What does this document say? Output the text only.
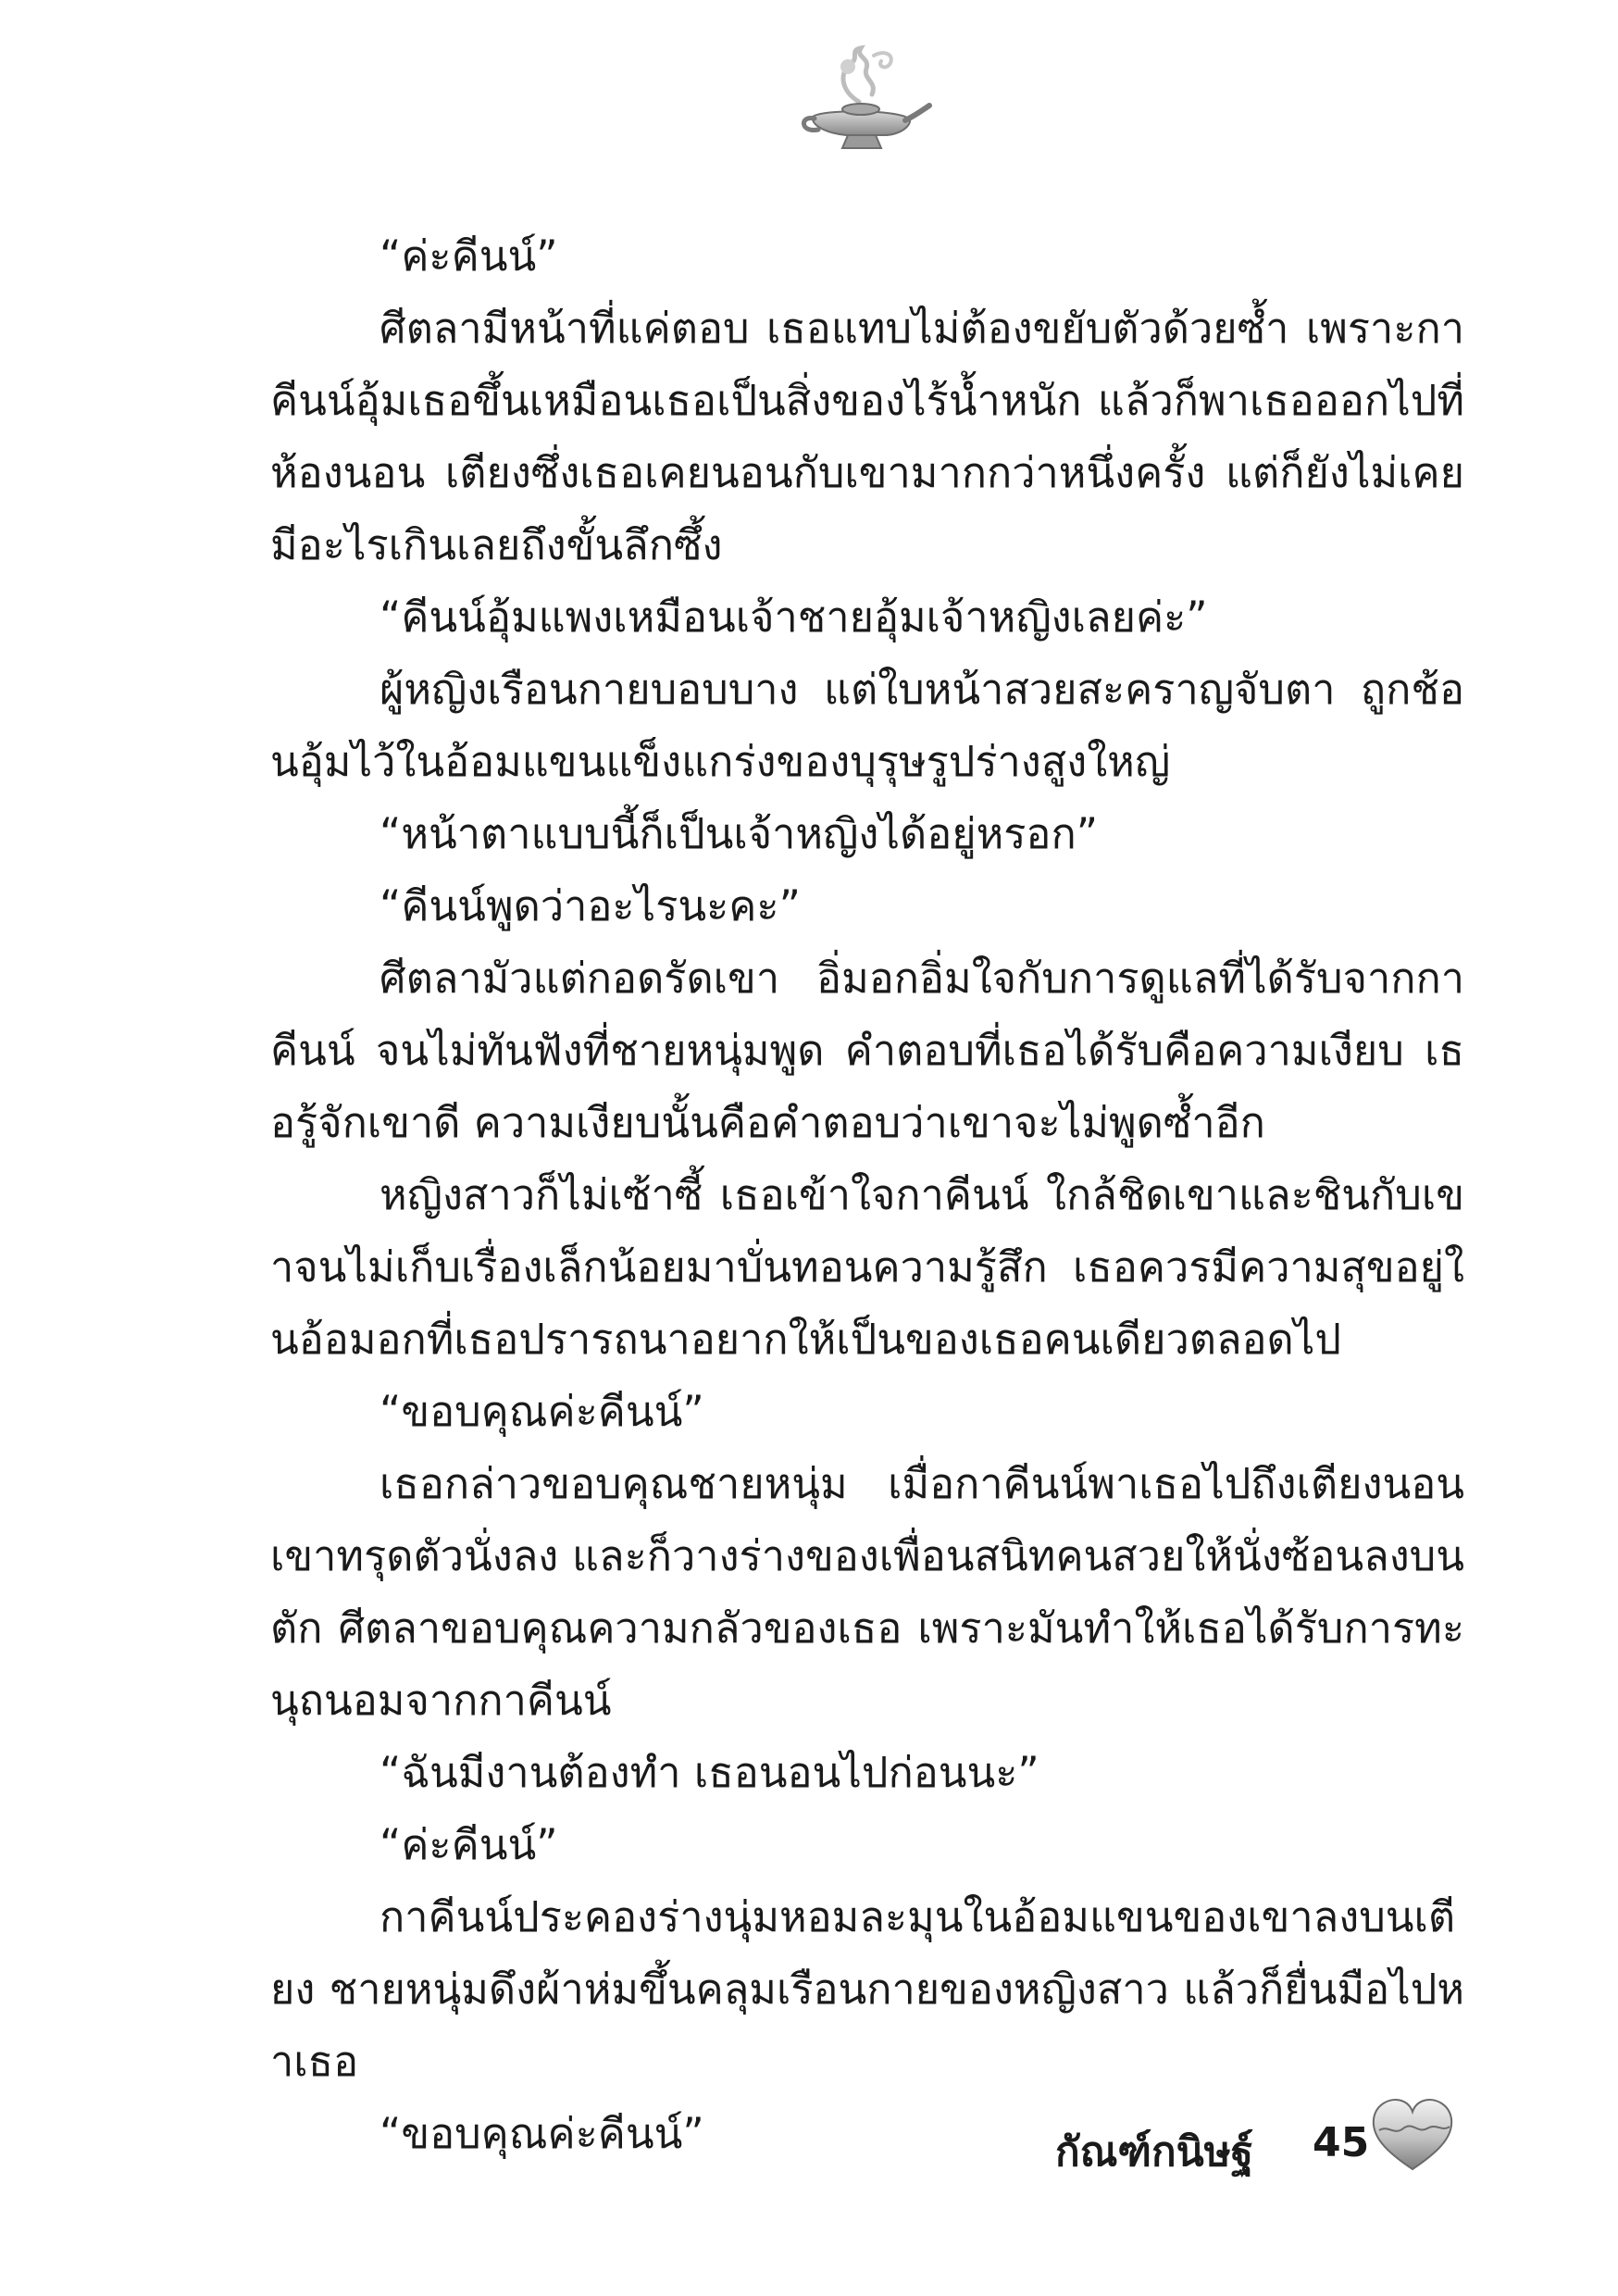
“ค่ะคีนน์”

ศีตลามีหน้าที่แค่ตอบ เธอแทบไม่ต้องขยับตัวด้วยซ้ำ เพราะกาคีนน์อุ้มเธอขึ้นเหมือนเธอเป็นสิ่งของไร้น้ำหนัก แล้วก็พาเธอออกไปที่ห้องนอน เตียงซึ่งเธอเคยนอนกับเขามากกว่าหนึ่งครั้ง แต่ก็ยังไม่เคยมีอะไรเกินเลยถึงขั้นลึกซึ้ง

“คีนน์อุ้มแพงเหมือนเจ้าชายอุ้มเจ้าหญิงเลยค่ะ”

ผู้หญิงเรือนกายบอบบาง แต่ใบหน้าสวยสะคราญจับตา ถูกช้อนอุ้มไว้ในอ้อมแขนแข็งแกร่งของบุรุษรูปร่างสูงใหญ่

“หน้าตาแบบนี้ก็เป็นเจ้าหญิงได้อยู่หรอก”

“คีนน์พูดว่าอะไรนะคะ”

ศีตลามัวแต่กอดรัดเขา อิ่มอกอิ่มใจกับการดูแลที่ได้รับจากกาคีนน์ จนไม่ทันฟังที่ชายหนุ่มพูด คำตอบที่เธอได้รับคือความเงียบ เธอรู้จักเขาดี ความเงียบนั้นคือคำตอบว่าเขาจะไม่พูดซ้ำอีก

หญิงสาวก็ไม่เซ้าซี้ เธอเข้าใจกาคีนน์ ใกล้ชิดเขาและชินกับเขาจนไม่เก็บเรื่องเล็กน้อยมาบั่นทอนความรู้สึก เธอควรมีความสุขอยู่ในอ้อมอกที่เธอปรารถนาอยากให้เป็นของเธอคนเดียวตลอดไป

“ขอบคุณค่ะคีนน์”

เธอกล่าวขอบคุณชายหนุ่ม เมื่อกาคีนน์พาเธอไปถึงเตียงนอน เขาทรุดตัวนั่งลง และก็วางร่างของเพื่อนสนิทคนสวยให้นั่งซ้อนลงบนตัก ศีตลาขอบคุณความกลัวของเธอ เพราะมันทำให้เธอได้รับการทะนุถนอมจากกาคีนน์

“ฉันมีงานต้องทำ เธอนอนไปก่อนนะ”

“ค่ะคีนน์”

กาคีนน์ประคองร่างนุ่มหอมละมุนในอ้อมแขนของเขาลงบนเตียง ชายหนุ่มดึงผ้าห่มขึ้นคลุมเรือนกายของหญิงสาว แล้วก็ยื่นมือไปหาเธอ

“ขอบคุณค่ะคีนน์”	กัณฑ์กนิษฐ์ 45
